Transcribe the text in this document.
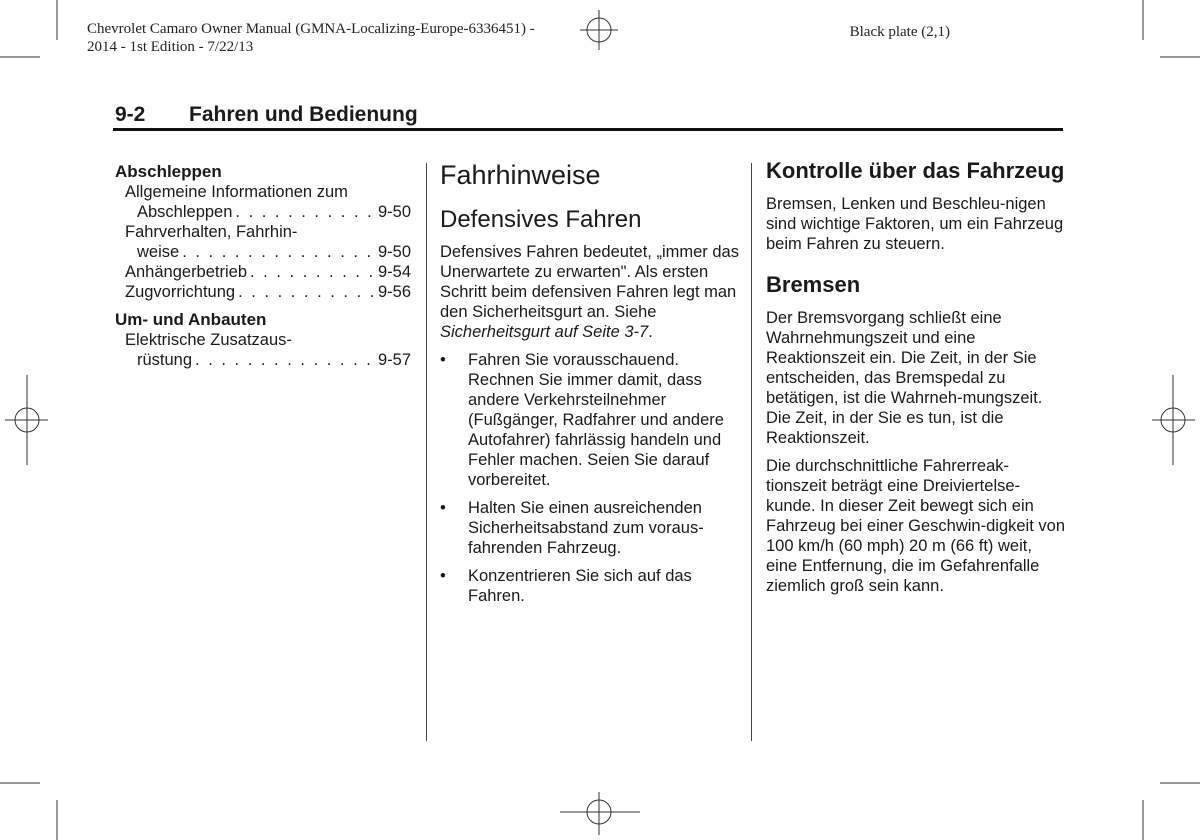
Chevrolet Camaro Owner Manual (GMNA-Localizing-Europe-6336451) -
2014 - 1st Edition - 7/22/13
Black plate (2,1)
9-2 Fahren und Bedienung
Abschleppen
Allgemeine Informationen zum
Abschleppen . . .	9-50
Fahrverhalten, Fahrhin-
weise . . .	9-50
Anhängerbetrieb . . .	9-54
Zugvorrichtung . . .	9-56
Um- und Anbauten
Elektrische Zusatzaus-
rüstung . . .	9-57
Fahrhinweise
Defensives Fahren

Defensives Fahren bedeutet, „immer das Unerwartete zu erwarten". Als ersten Schritt beim defensiven Fahren legt man den Sicherheitsgurt an. Siehe Sicherheitsgurt auf Seite 3-7.

• Fahren Sie vorausschauend. Rechnen Sie immer damit, dass andere Verkehrsteilnehmer (Fußgänger, Radfahrer und andere Autofahrer) fahrlässig handeln und Fehler machen. Seien Sie darauf vorbereitet.
• Halten Sie einen ausreichenden Sicherheitsabstand zum voraus-fahrenden Fahrzeug.
• Konzentrieren Sie sich auf das Fahren.
Kontrolle über das Fahrzeug

Bremsen, Lenken und Beschleu-nigen sind wichtige Faktoren, um ein Fahrzeug beim Fahren zu steuern.

Bremsen

Der Bremsvorgang schließt eine Wahrnehmungszeit und eine Reaktionszeit ein. Die Zeit, in der Sie entscheiden, das Bremspedal zu betätigen, ist die Wahrneh-mungszeit. Die Zeit, in der Sie es tun, ist die Reaktionszeit.

Die durchschnittliche Fahrerreak-tionszeit beträgt eine Dreiviertelse-kunde. In dieser Zeit bewegt sich ein Fahrzeug bei einer Geschwin-digkeit von 100 km/h (60 mph) 20 m (66 ft) weit, eine Entfernung, die im Gefahrenfalle ziemlich groß sein kann.
